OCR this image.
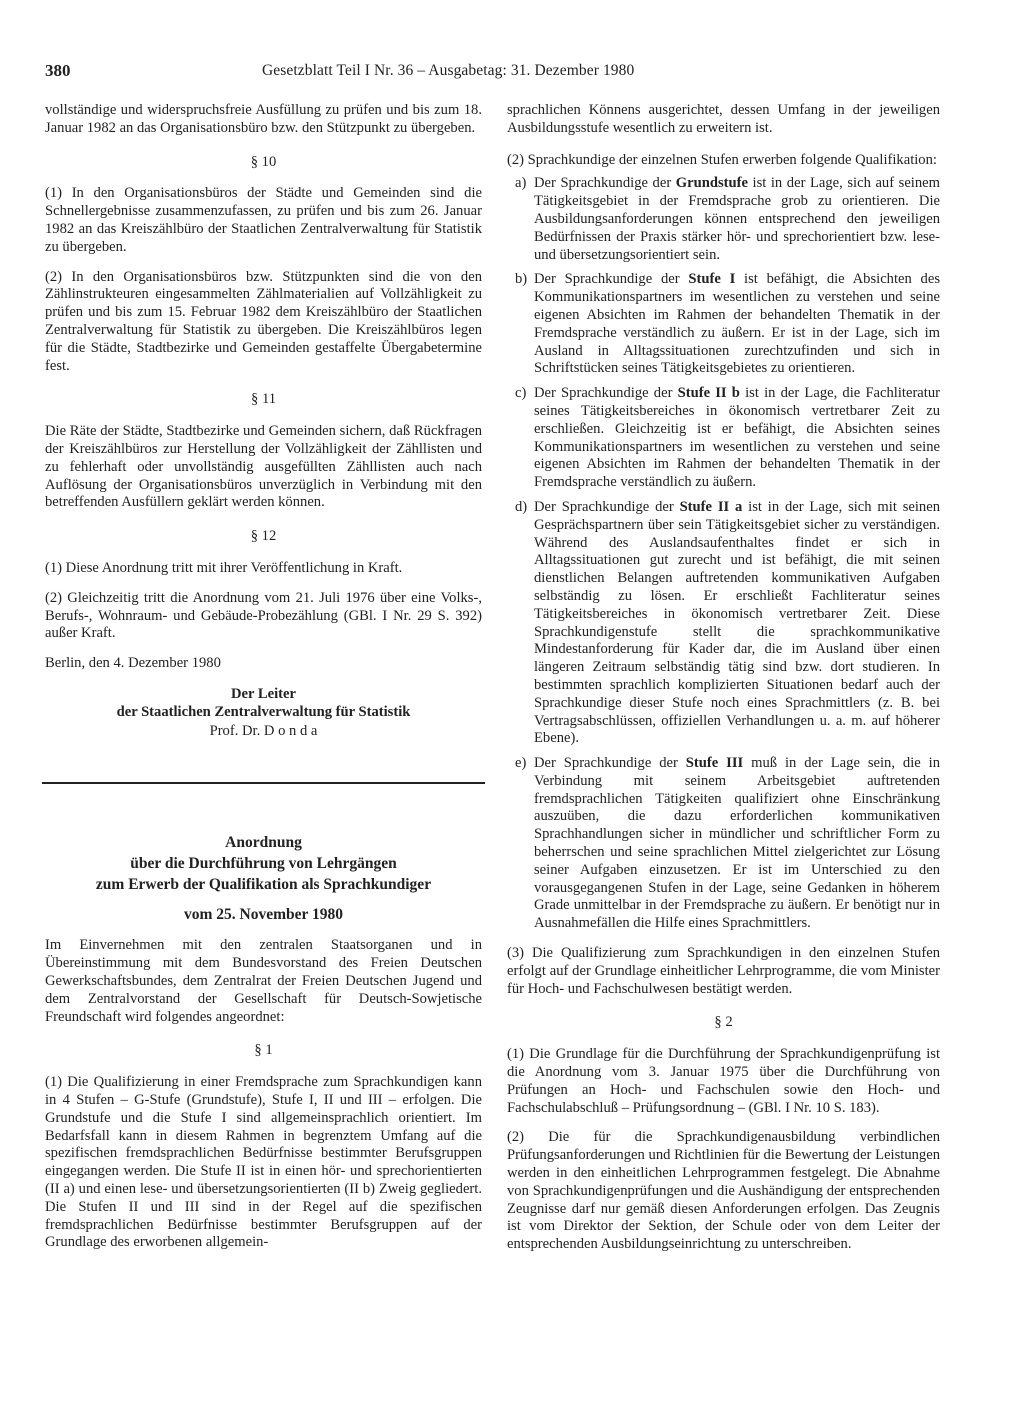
380	Gesetzblatt Teil I Nr. 36 – Ausgabetag: 31. Dezember 1980

vollständige und widerspruchsfreie Ausfüllung zu prüfen und bis zum 18. Januar 1982 an das Organisationsbüro bzw. den Stützpunkt zu übergeben.

§ 10

(1) In den Organisationsbüros der Städte und Gemeinden sind die Schnellergebnisse zusammenzufassen, zu prüfen und bis zum 26. Januar 1982 an das Kreiszählbüro der Staatlichen Zentralverwaltung für Statistik zu übergeben.

(2) In den Organisationsbüros bzw. Stützpunkten sind die von den Zählinstrukteuren eingesammelten Zählmaterialien auf Vollzähligkeit zu prüfen und bis zum 15. Februar 1982 dem Kreiszählbüro der Staatlichen Zentralverwaltung für Statistik zu übergeben. Die Kreiszählbüros legen für die Städte, Stadtbezirke und Gemeinden gestaffelte Übergabetermine fest.

§ 11

Die Räte der Städte, Stadtbezirke und Gemeinden sichern, daß Rückfragen der Kreiszählbüros zur Herstellung der Vollzähligkeit der Zähllisten und zu fehlerhaft oder unvollständig ausgefüllten Zähllisten auch nach Auflösung der Organisationsbüros unverzüglich in Verbindung mit den betreffenden Ausfüllern geklärt werden können.

§ 12

(1) Diese Anordnung tritt mit ihrer Veröffentlichung in Kraft.

(2) Gleichzeitig tritt die Anordnung vom 21. Juli 1976 über eine Volks-, Berufs-, Wohnraum- und Gebäude-Probezählung (GBl. I Nr. 29 S. 392) außer Kraft.

Berlin, den 4. Dezember 1980

Der Leiter
der Staatlichen Zentralverwaltung für Statistik
Prof. Dr. D o n d a
Anordnung
über die Durchführung von Lehrgängen
zum Erwerb der Qualifikation als Sprachkundiger
vom 25. November 1980

Im Einvernehmen mit den zentralen Staatsorganen und in Übereinstimmung mit dem Bundesvorstand des Freien Deutschen Gewerkschaftsbundes, dem Zentralrat der Freien Deutschen Jugend und dem Zentralvorstand der Gesellschaft für Deutsch-Sowjetische Freundschaft wird folgendes angeordnet:

§ 1

(1) Die Qualifizierung in einer Fremdsprache zum Sprachkundigen kann in 4 Stufen – G-Stufe (Grundstufe), Stufe I, II und III – erfolgen. Die Grundstufe und die Stufe I sind allgemeinsprachlich orientiert. Im Bedarfsfall kann in diesem Rahmen in begrenztem Umfang auf die spezifischen fremdsprachlichen Bedürfnisse bestimmter Berufsgruppen eingegangen werden. Die Stufe II ist in einen hör- und sprechorientierten (II a) und einen lese- und übersetzungsorientierten (II b) Zweig gegliedert. Die Stufen II und III sind in der Regel auf die spezifischen fremdsprachlichen Bedürfnisse bestimmter Berufsgruppen auf der Grundlage des erworbenen allgemein-

sprachlichen Könnens ausgerichtet, dessen Umfang in der jeweiligen Ausbildungsstufe wesentlich zu erweitern ist.

(2) Sprachkundige der einzelnen Stufen erwerben folgende Qualifikation:

a) Der Sprachkundige der Grundstufe ist in der Lage, sich auf seinem Tätigkeitsgebiet in der Fremdsprache grob zu orientieren. Die Ausbildungsanforderungen können entsprechend den jeweiligen Bedürfnissen der Praxis stärker hör- und sprechorientiert bzw. lese- und übersetzungsorientiert sein.
b) Der Sprachkundige der Stufe I ist befähigt, die Absichten des Kommunikationspartners im wesentlichen zu verstehen und seine eigenen Absichten im Rahmen der behandelten Thematik in der Fremdsprache verständlich zu äußern. Er ist in der Lage, sich im Ausland in Alltagssituationen zurechtzufinden und sich in Schriftstücken seines Tätigkeitsgebietes zu orientieren.
c) Der Sprachkundige der Stufe II b ist in der Lage, die Fachliteratur seines Tätigkeitsbereiches in ökonomisch vertretbarer Zeit zu erschließen. Gleichzeitig ist er befähigt, die Absichten seines Kommunikationspartners im wesentlichen zu verstehen und seine eigenen Absichten im Rahmen der behandelten Thematik in der Fremdsprache verständlich zu äußern.
d) Der Sprachkundige der Stufe II a ist in der Lage, sich mit seinen Gesprächspartnern über sein Tätigkeitsgebiet sicher zu verständigen. Während des Auslandsaufenthaltes findet er sich in Alltagssituationen gut zurecht und ist befähigt, die mit seinen dienstlichen Belangen auftretenden kommunikativen Aufgaben selbständig zu lösen. Er erschließt Fachliteratur seines Tätigkeitsbereiches in ökonomisch vertretbarer Zeit. Diese Sprachkundigenstufe stellt die sprachkommunikative Mindestanforderung für Kader dar, die im Ausland über einen längeren Zeitraum selbständig tätig sind bzw. dort studieren. In bestimmten sprachlich komplizierten Situationen bedarf auch der Sprachkundige dieser Stufe noch eines Sprachmittlers (z. B. bei Vertragsabschlüssen, offiziellen Verhandlungen u. a. m. auf höherer Ebene).
e) Der Sprachkundige der Stufe III muß in der Lage sein, die in Verbindung mit seinem Arbeitsgebiet auftretenden fremdsprachlichen Tätigkeiten qualifiziert ohne Einschränkung auszuüben, die dazu erforderlichen kommunikativen Sprachhandlungen sicher in mündlicher und schriftlicher Form zu beherrschen und seine sprachlichen Mittel zielgerichtet zur Lösung seiner Aufgaben einzusetzen. Er ist im Unterschied zu den vorausgegangenen Stufen in der Lage, seine Gedanken in höherem Grade unmittelbar in der Fremdsprache zu äußern. Er benötigt nur in Ausnahmefällen die Hilfe eines Sprachmittlers.

(3) Die Qualifizierung zum Sprachkundigen in den einzelnen Stufen erfolgt auf der Grundlage einheitlicher Lehrprogramme, die vom Minister für Hoch- und Fachschulwesen bestätigt werden.

§ 2

(1) Die Grundlage für die Durchführung der Sprachkundigenprüfung ist die Anordnung vom 3. Januar 1975 über die Durchführung von Prüfungen an Hoch- und Fachschulen sowie den Hoch- und Fachschulabschluß – Prüfungsordnung – (GBl. I Nr. 10 S. 183).

(2) Die für die Sprachkundigenausbildung verbindlichen Prüfungsanforderungen und Richtlinien für die Bewertung der Leistungen werden in den einheitlichen Lehrprogrammen festgelegt. Die Abnahme von Sprachkundigenprüfungen und die Aushändigung der entsprechenden Zeugnisse darf nur gemäß diesen Anforderungen erfolgen. Das Zeugnis ist vom Direktor der Sektion, der Schule oder von dem Leiter der entsprechenden Ausbildungseinrichtung zu unterschreiben.
